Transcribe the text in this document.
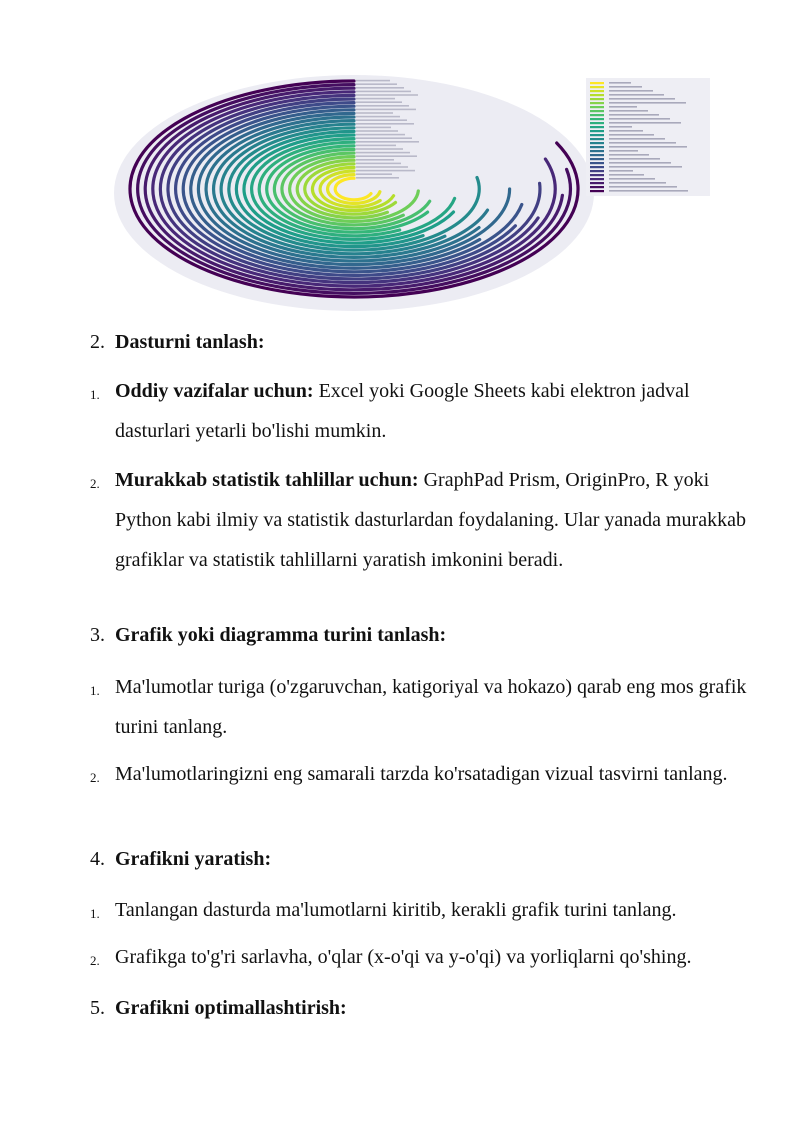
2. Dasturni tanlash:
1. Oddiy vazifalar uchun: Excel yoki Google Sheets kabi elektron jadval dasturlari yetarli bo'lishi mumkin.
2. Murakkab statistik tahlillar uchun: GraphPad Prism, OriginPro, R yoki Python kabi ilmiy va statistik dasturlardan foydalaning. Ular yanada murakkab grafiklar va statistik tahlillarni yaratish imkonini beradi.
3. Grafik yoki diagramma turini tanlash:
1. Ma'lumotlar turiga (o'zgaruvchan, katigoriyal va hokazo) qarab eng mos grafik turini tanlang.
2. Ma'lumotlaringizni eng samarali tarzda ko'rsatadigan vizual tasvirni tanlang.
4. Grafikni yaratish:
1. Tanlangan dasturda ma'lumotlarni kiritib, kerakli grafik turini tanlang.
2. Grafikga to'g'ri sarlavha, o'qlar (x-o'qi va y-o'qi) va yorliqlarni qo'shing.
5. Grafikni optimallashtirish:
